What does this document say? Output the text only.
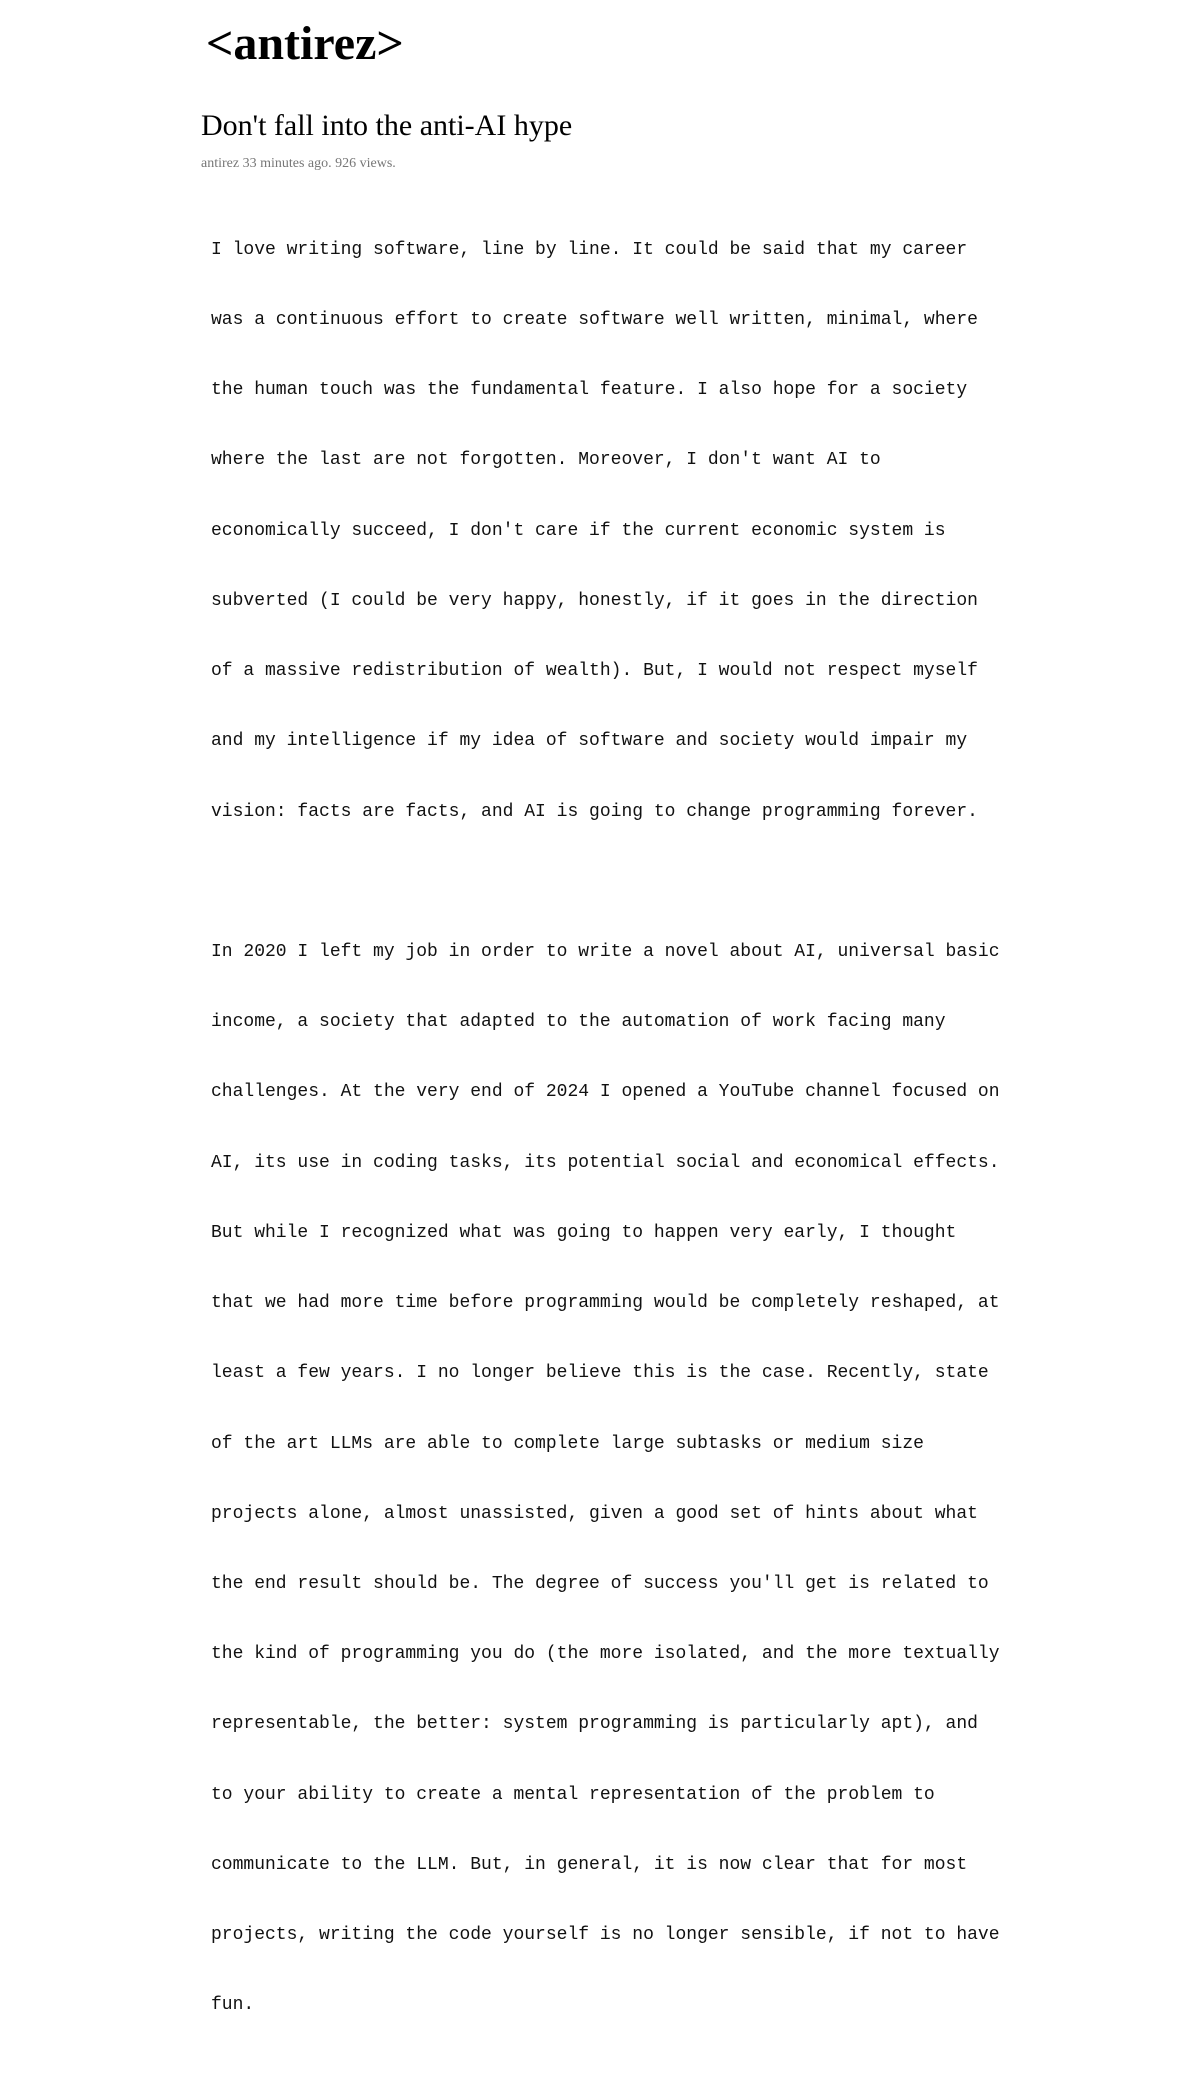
<antirez>
Don't fall into the anti-AI hype
antirez 33 minutes ago. 926 views.

I love writing software, line by line. It could be said that my career

was a continuous effort to create software well written, minimal, where

the human touch was the fundamental feature. I also hope for a society

where the last are not forgotten. Moreover, I don't want AI to

economically succeed, I don't care if the current economic system is

subverted (I could be very happy, honestly, if it goes in the direction

of a massive redistribution of wealth). But, I would not respect myself

and my intelligence if my idea of software and society would impair my

vision: facts are facts, and AI is going to change programming forever.

In 2020 I left my job in order to write a novel about AI, universal basic

income, a society that adapted to the automation of work facing many

challenges. At the very end of 2024 I opened a YouTube channel focused on

AI, its use in coding tasks, its potential social and economical effects.

But while I recognized what was going to happen very early, I thought

that we had more time before programming would be completely reshaped, at

least a few years. I no longer believe this is the case. Recently, state

of the art LLMs are able to complete large subtasks or medium size

projects alone, almost unassisted, given a good set of hints about what

the end result should be. The degree of success you'll get is related to

the kind of programming you do (the more isolated, and the more textually

representable, the better: system programming is particularly apt), and

to your ability to create a mental representation of the problem to

communicate to the LLM. But, in general, it is now clear that for most

projects, writing the code yourself is no longer sensible, if not to have

fun.
